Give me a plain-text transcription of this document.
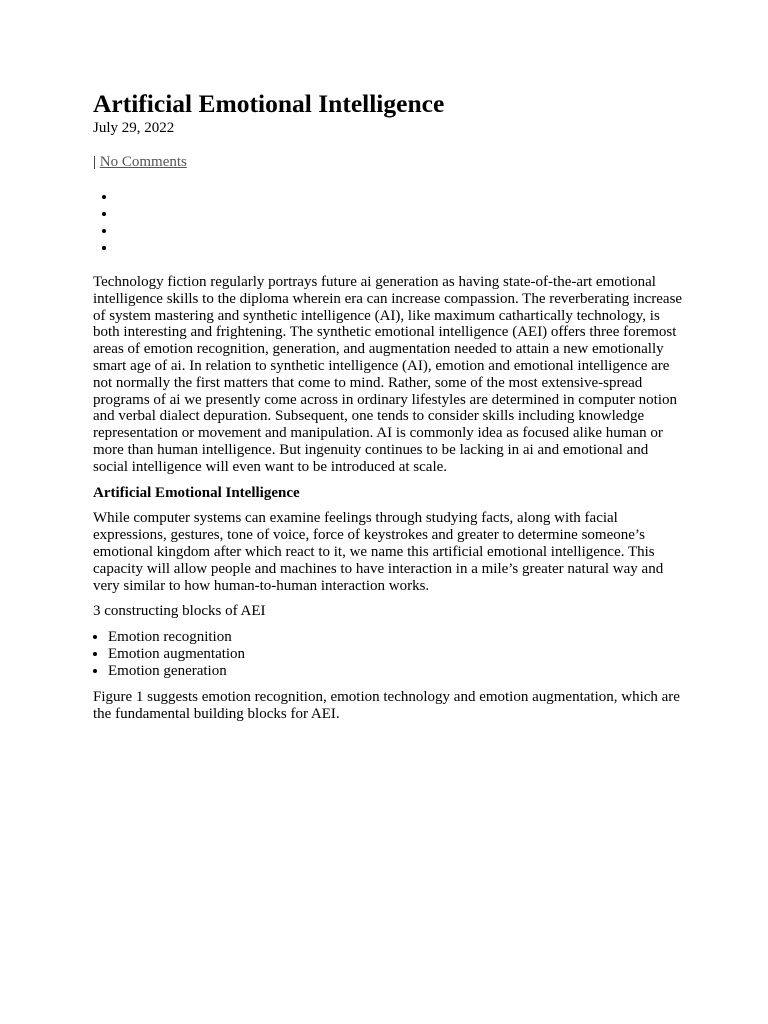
Artificial Emotional Intelligence

July 29, 2022

| No Comments

•
•
•
•

Technology fiction regularly portrays future ai generation as having state-of-the-art emotional intelligence skills to the diploma wherein era can increase compassion. The reverberating increase of system mastering and synthetic intelligence (AI), like maximum cathartically technology, is both interesting and frightening. The synthetic emotional intelligence (AEI) offers three foremost areas of emotion recognition, generation, and augmentation needed to attain a new emotionally smart age of ai. In relation to synthetic intelligence (AI), emotion and emotional intelligence are not normally the first matters that come to mind. Rather, some of the most extensive-spread programs of ai we presently come across in ordinary lifestyles are determined in computer notion and verbal dialect depuration. Subsequent, one tends to consider skills including knowledge representation or movement and manipulation. AI is commonly idea as focused alike human or more than human intelligence. But ingenuity continues to be lacking in ai and emotional and social intelligence will even want to be introduced at scale.

Artificial Emotional Intelligence

While computer systems can examine feelings through studying facts, along with facial expressions, gestures, tone of voice, force of keystrokes and greater to determine someone’s emotional kingdom after which react to it, we name this artificial emotional intelligence. This capacity will allow people and machines to have interaction in a mile’s greater natural way and very similar to how human-to-human interaction works.

3 constructing blocks of AEI

• Emotion recognition
• Emotion augmentation
• Emotion generation

Figure 1 suggests emotion recognition, emotion technology and emotion augmentation, which are the fundamental building blocks for AEI.
